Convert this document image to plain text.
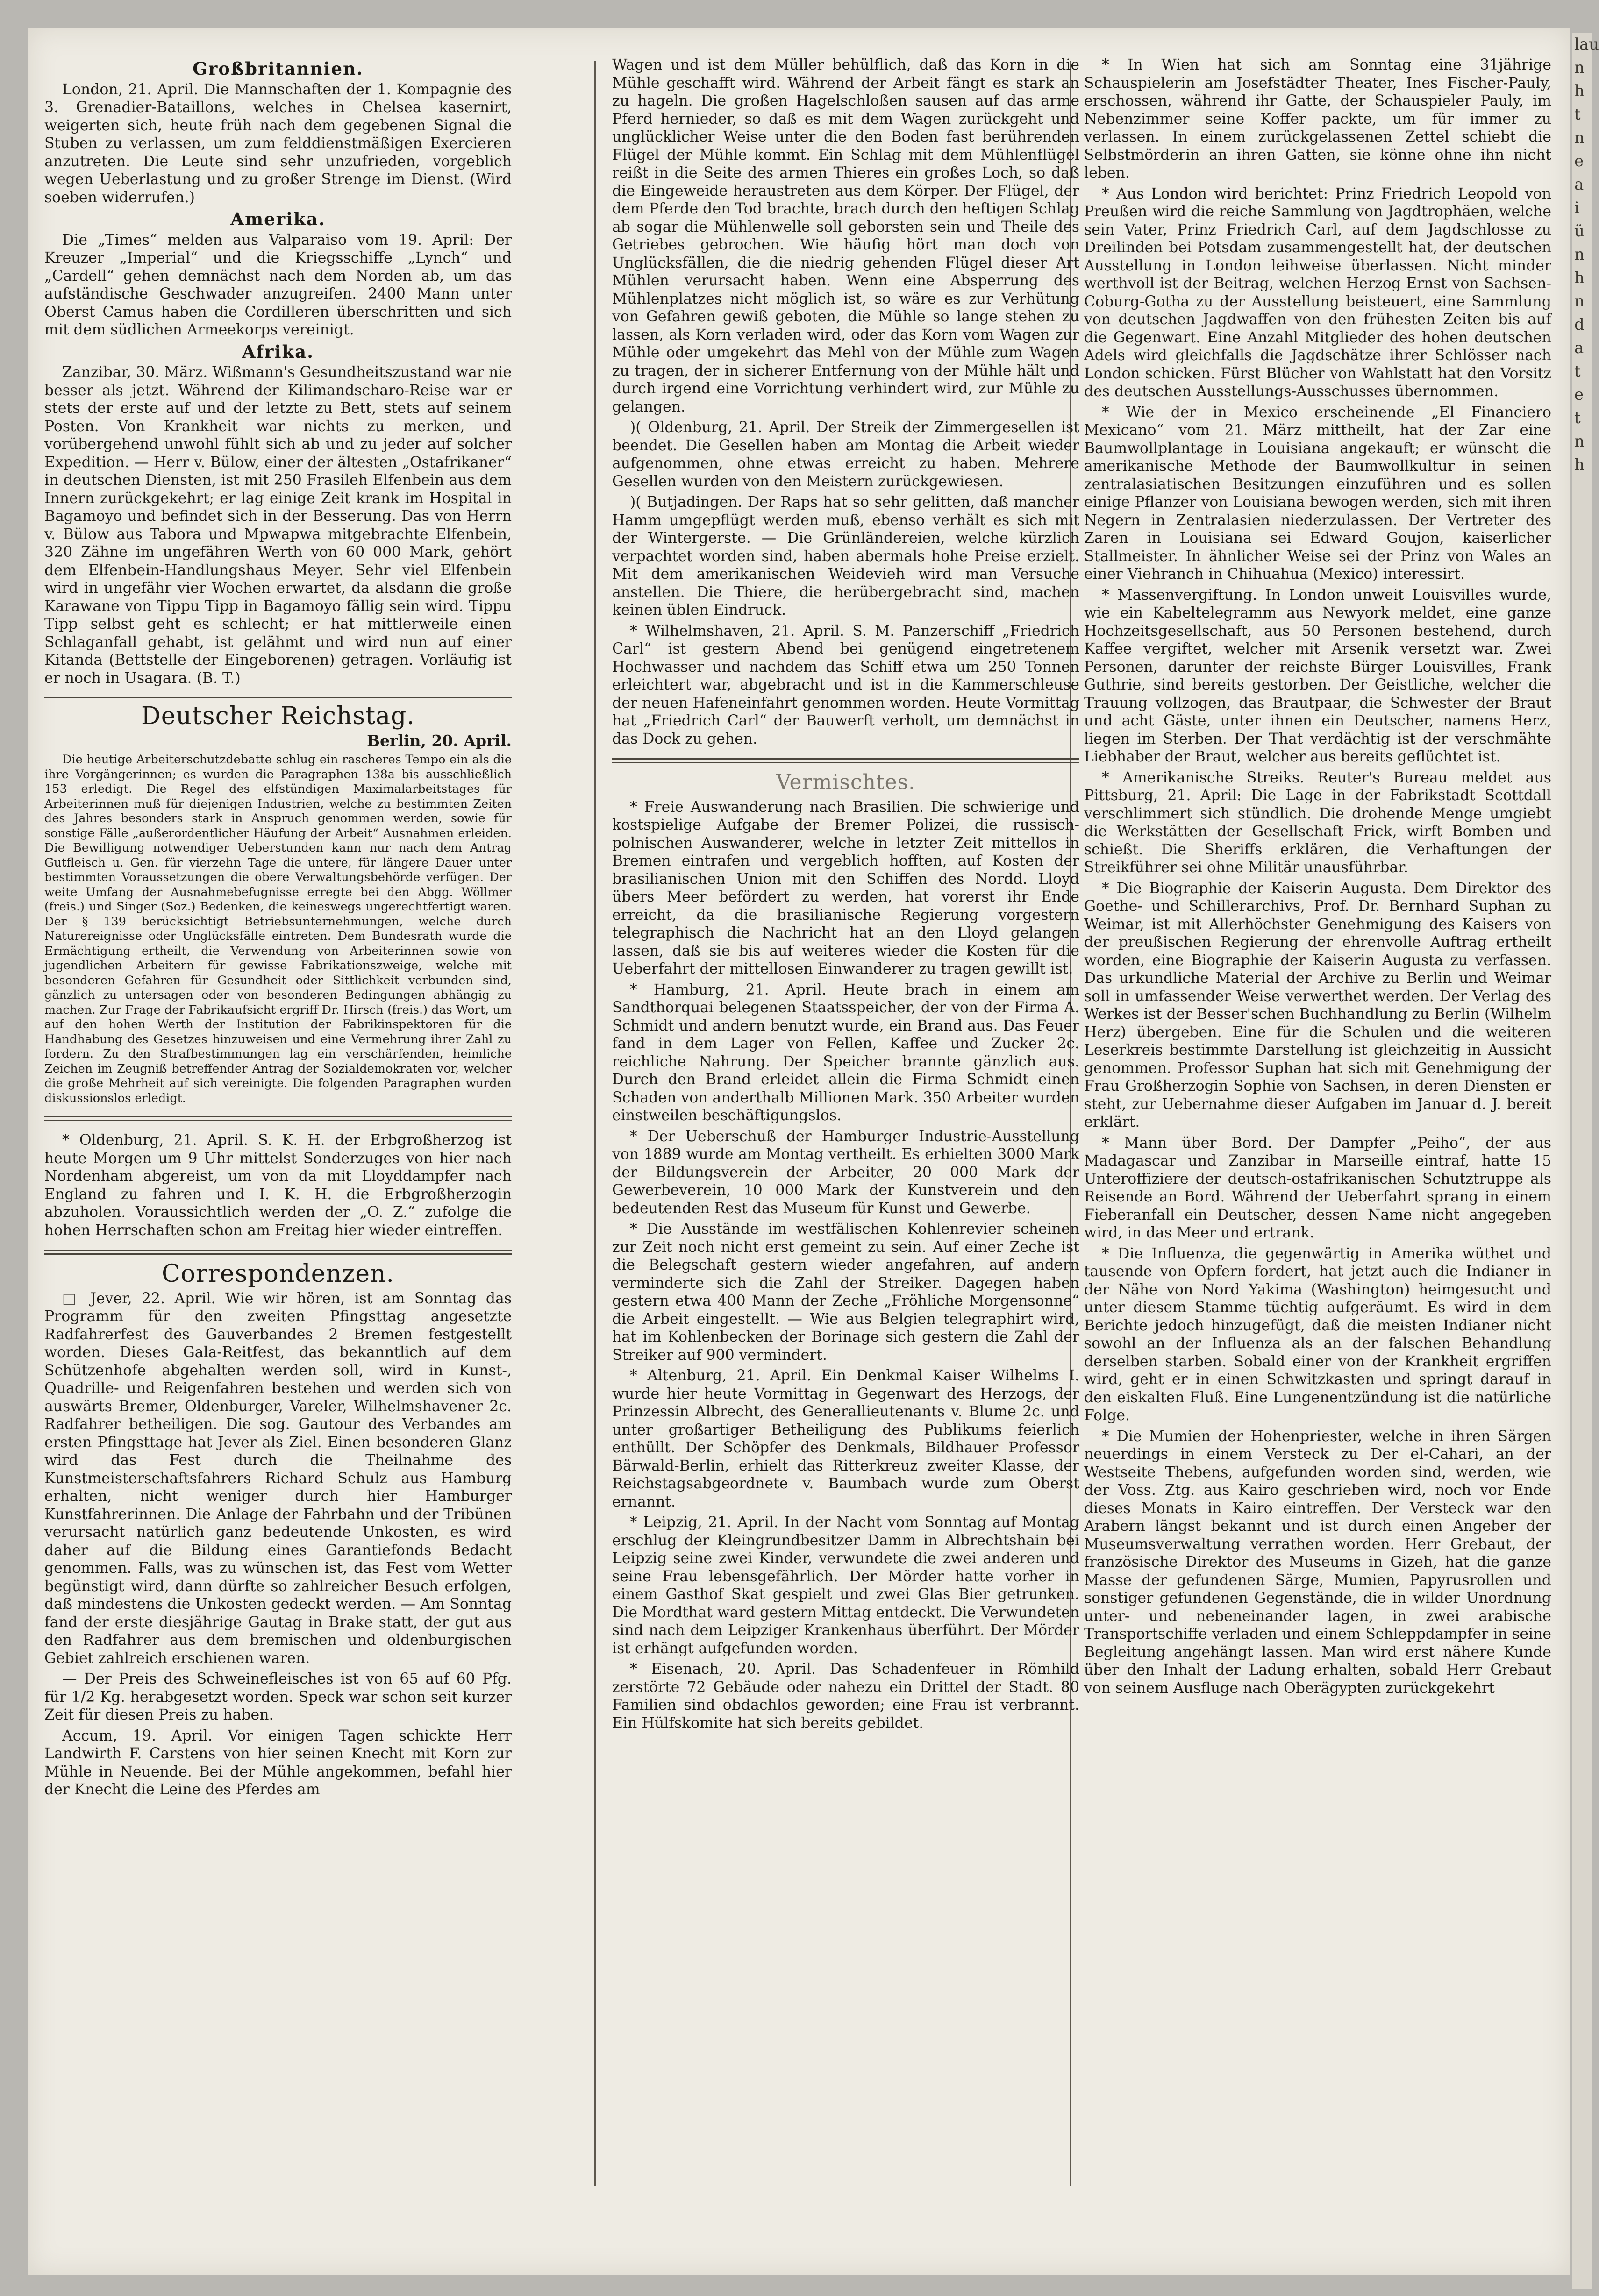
Großbritannien.

London, 21. April. Die Mannschaften der 1. Kompagnie des 3. Grenadier-Bataillons, welches in Chelsea kasernirt, weigerten sich, heute früh nach dem gegebenen Signal die Stuben zu verlassen, um zum felddienstmäßigen Exercieren anzutreten. Die Leute sind sehr unzufrieden, vorgeblich wegen Ueberlastung und zu großer Strenge im Dienst. (Wird soeben widerrufen.)

Amerika.

Die „Times“ melden aus Valparaiso vom 19. April: Der Kreuzer „Imperial“ und die Kriegsschiffe „Lynch“ und „Cardell“ gehen demnächst nach dem Norden ab, um das aufständische Geschwader anzugreifen. 2400 Mann unter Oberst Camus haben die Cordilleren überschritten und sich mit dem südlichen Armeekorps vereinigt.

Afrika.

Zanzibar, 30. März. Wißmann's Gesundheitszustand war nie besser als jetzt. Während der Kilimandscharo-Reise war er stets der erste auf und der letzte zu Bett, stets auf seinem Posten. Von Krankheit war nichts zu merken, und vorübergehend unwohl fühlt sich ab und zu jeder auf solcher Expedition. — Herr v. Bülow, einer der ältesten „Ostafrikaner“ in deutschen Diensten, ist mit 250 Frasileh Elfenbein aus dem Innern zurückgekehrt; er lag einige Zeit krank im Hospital in Bagamoyo und befindet sich in der Besserung. Das von Herrn v. Bülow aus Tabora und Mpwapwa mitgebrachte Elfenbein, 320 Zähne im ungefähren Werth von 60 000 Mark, gehört dem Elfenbein-Handlungshaus Meyer. Sehr viel Elfenbein wird in ungefähr vier Wochen erwartet, da alsdann die große Karawane von Tippu Tipp in Bagamoyo fällig sein wird. Tippu Tipp selbst geht es schlecht; er hat mittlerweile einen Schlaganfall gehabt, ist gelähmt und wird nun auf einer Kitanda (Bettstelle der Eingeborenen) getragen. Vorläufig ist er noch in Usagara. (B. T.)

Deutscher Reichstag.
Berlin, 20. April.

Die heutige Arbeiterschutzdebatte schlug ein rascheres Tempo ein als die ihre Vorgängerinnen; es wurden die Paragraphen 138a bis ausschließlich 153 erledigt. Die Regel des elfstündigen Maximalarbeitstages für Arbeiterinnen muß für diejenigen Industrien, welche zu bestimmten Zeiten des Jahres besonders stark in Anspruch genommen werden, sowie für sonstige Fälle „außerordentlicher Häufung der Arbeit“ Ausnahmen erleiden. Die Bewilligung notwendiger Ueberstunden kann nur nach dem Antrag Gutfleisch u. Gen. für vierzehn Tage die untere, für längere Dauer unter bestimmten Voraussetzungen die obere Verwaltungsbehörde verfügen. Der weite Umfang der Ausnahmebefugnisse erregte bei den Abgg. Wöllmer (freis.) und Singer (Soz.) Bedenken, die keineswegs ungerechtfertigt waren. Der § 139 berücksichtigt Betriebsunternehmungen, welche durch Naturereignisse oder Unglücksfälle eintreten. Dem Bundesrath wurde die Ermächtigung ertheilt, die Verwendung von Arbeiterinnen sowie von jugendlichen Arbeitern für gewisse Fabrikationszweige, welche mit besonderen Gefahren für Gesundheit oder Sittlichkeit verbunden sind, gänzlich zu untersagen oder von besonderen Bedingungen abhängig zu machen. Zur Frage der Fabrikaufsicht ergriff Dr. Hirsch (freis.) das Wort, um auf den hohen Werth der Institution der Fabrikinspektoren für die Handhabung des Gesetzes hinzuweisen und eine Vermehrung ihrer Zahl zu fordern. Zu den Strafbestimmungen lag ein verschärfenden, heimliche Zeichen im Zeugniß betreffender Antrag der Sozialdemokraten vor, welcher die große Mehrheit auf sich vereinigte. Die folgenden Paragraphen wurden diskussionslos erledigt.

* Oldenburg, 21. April. S. K. H. der Erbgroßherzog ist heute Morgen um 9 Uhr mittelst Sonderzuges von hier nach Nordenham abgereist, um von da mit Lloyddampfer nach England zu fahren und I. K. H. die Erbgroßherzogin abzuholen. Voraussichtlich werden der „O. Z.“ zufolge die hohen Herrschaften schon am Freitag hier wieder eintreffen.

Correspondenzen.

□ Jever, 22. April. Wie wir hören, ist am Sonntag das Programm für den zweiten Pfingsttag angesetzte Radfahrerfest des Gauverbandes 2 Bremen festgestellt worden. Dieses Gala-Reitfest, das bekanntlich auf dem Schützenhofe abgehalten werden soll, wird in Kunst-, Quadrille- und Reigenfahren bestehen und werden sich von auswärts Bremer, Oldenburger, Vareler, Wilhelmshavener 2c. Radfahrer betheiligen. Die sog. Gautour des Verbandes am ersten Pfingsttage hat Jever als Ziel. Einen besonderen Glanz wird das Fest durch die Theilnahme des Kunstmeisterschaftsfahrers Richard Schulz aus Hamburg erhalten, nicht weniger durch hier Hamburger Kunstfahrerinnen. Die Anlage der Fahrbahn und der Tribünen verursacht natürlich ganz bedeutende Unkosten, es wird daher auf die Bildung eines Garantiefonds Bedacht genommen. Falls, was zu wünschen ist, das Fest vom Wetter begünstigt wird, dann dürfte so zahlreicher Besuch erfolgen, daß mindestens die Unkosten gedeckt werden. — Am Sonntag fand der erste diesjährige Gautag in Brake statt, der gut aus den Radfahrer aus dem bremischen und oldenburgischen Gebiet zahlreich erschienen waren.

— Der Preis des Schweinefleisches ist von 65 auf 60 Pfg. für 1/2 Kg. herabgesetzt worden. Speck war schon seit kurzer Zeit für diesen Preis zu haben.

Accum, 19. April. Vor einigen Tagen schickte Herr Landwirth F. Carstens von hier seinen Knecht mit Korn zur Mühle in Neuende. Bei der Mühle angekommen, befahl hier der Knecht die Leine des Pferdes am

Wagen und ist dem Müller behülflich, daß das Korn in die Mühle geschafft wird. Während der Arbeit fängt es stark an zu hageln. Die großen Hagelschloßen sausen auf das arme Pferd hernieder, so daß es mit dem Wagen zurückgeht und unglücklicher Weise unter die den Boden fast berührenden Flügel der Mühle kommt. Ein Schlag mit dem Mühlenflügel reißt in die Seite des armen Thieres ein großes Loch, so daß die Eingeweide heraustreten aus dem Körper. Der Flügel, der dem Pferde den Tod brachte, brach durch den heftigen Schlag ab sogar die Mühlenwelle soll geborsten sein und Theile des Getriebes gebrochen. Wie häufig hört man doch von Unglücksfällen, die die niedrig gehenden Flügel dieser Art Mühlen verursacht haben. Wenn eine Absperrung des Mühlenplatzes nicht möglich ist, so wäre es zur Verhütung von Gefahren gewiß geboten, die Mühle so lange stehen zu lassen, als Korn verladen wird, oder das Korn vom Wagen zur Mühle oder umgekehrt das Mehl von der Mühle zum Wagen zu tragen, der in sicherer Entfernung von der Mühle hält und durch irgend eine Vorrichtung verhindert wird, zur Mühle zu gelangen.

)( Oldenburg, 21. April. Der Streik der Zimmergesellen ist beendet. Die Gesellen haben am Montag die Arbeit wieder aufgenommen, ohne etwas erreicht zu haben. Mehrere Gesellen wurden von den Meistern zurückgewiesen.

)( Butjadingen. Der Raps hat so sehr gelitten, daß mancher Hamm umgepflügt werden muß, ebenso verhält es sich mit der Wintergerste. — Die Grünländereien, welche kürzlich verpachtet worden sind, haben abermals hohe Preise erzielt. Mit dem amerikanischen Weidevieh wird man Versuche anstellen. Die Thiere, die herübergebracht sind, machen keinen üblen Eindruck.

* Wilhelmshaven, 21. April. S. M. Panzerschiff „Friedrich Carl“ ist gestern Abend bei genügend eingetretenem Hochwasser und nachdem das Schiff etwa um 250 Tonnen erleichtert war, abgebracht und ist in die Kammerschleuse der neuen Hafeneinfahrt genommen worden. Heute Vormittag hat „Friedrich Carl“ der Bauwerft verholt, um demnächst in das Dock zu gehen.

Vermischtes.

* Freie Auswanderung nach Brasilien. Die schwierige und kostspielige Aufgabe der Bremer Polizei, die russisch-polnischen Auswanderer, welche in letzter Zeit mittellos in Bremen eintrafen und vergeblich hofften, auf Kosten der brasilianischen Union mit den Schiffen des Nordd. Lloyd übers Meer befördert zu werden, hat vorerst ihr Ende erreicht, da die brasilianische Regierung vorgestern telegraphisch die Nachricht hat an den Lloyd gelangen lassen, daß sie bis auf weiteres wieder die Kosten für die Ueberfahrt der mittellosen Einwanderer zu tragen gewillt ist.

* Hamburg, 21. April. Heute brach in einem am Sandthorquai belegenen Staatsspeicher, der von der Firma A. Schmidt und andern benutzt wurde, ein Brand aus. Das Feuer fand in dem Lager von Fellen, Kaffee und Zucker 2c. reichliche Nahrung. Der Speicher brannte gänzlich aus. Durch den Brand erleidet allein die Firma Schmidt einen Schaden von anderthalb Millionen Mark. 350 Arbeiter wurden einstweilen beschäftigungslos.

* Der Ueberschuß der Hamburger Industrie-Ausstellung von 1889 wurde am Montag vertheilt. Es erhielten 3000 Mark der Bildungsverein der Arbeiter, 20 000 Mark der Gewerbeverein, 10 000 Mark der Kunstverein und den bedeutenden Rest das Museum für Kunst und Gewerbe.

* Die Ausstände im westfälischen Kohlenrevier scheinen zur Zeit noch nicht erst gemeint zu sein. Auf einer Zeche ist die Belegschaft gestern wieder angefahren, auf andern verminderte sich die Zahl der Streiker. Dagegen haben gestern etwa 400 Mann der Zeche „Fröhliche Morgensonne“ die Arbeit eingestellt. — Wie aus Belgien telegraphirt wird, hat im Kohlenbecken der Borinage sich gestern die Zahl der Streiker auf 900 vermindert.

* Altenburg, 21. April. Ein Denkmal Kaiser Wilhelms I. wurde hier heute Vormittag in Gegenwart des Herzogs, der Prinzessin Albrecht, des Generallieutenants v. Blume 2c. und unter großartiger Betheiligung des Publikums feierlich enthüllt. Der Schöpfer des Denkmals, Bildhauer Professor Bärwald-Berlin, erhielt das Ritterkreuz zweiter Klasse, der Reichstagsabgeordnete v. Baumbach wurde zum Oberst ernannt.

* Leipzig, 21. April. In der Nacht vom Sonntag auf Montag erschlug der Kleingrundbesitzer Damm in Albrechtshain bei Leipzig seine zwei Kinder, verwundete die zwei anderen und seine Frau lebensgefährlich. Der Mörder hatte vorher in einem Gasthof Skat gespielt und zwei Glas Bier getrunken. Die Mordthat ward gestern Mittag entdeckt. Die Verwundeten sind nach dem Leipziger Krankenhaus überführt. Der Mörder ist erhängt aufgefunden worden.

* Eisenach, 20. April. Das Schadenfeuer in Römhild zerstörte 72 Gebäude oder nahezu ein Drittel der Stadt. 80 Familien sind obdachlos geworden; eine Frau ist verbrannt. Ein Hülfskomite hat sich bereits gebildet.

* In Wien hat sich am Sonntag eine 31jährige Schauspielerin am Josefstädter Theater, Ines Fischer-Pauly, erschossen, während ihr Gatte, der Schauspieler Pauly, im Nebenzimmer seine Koffer packte, um für immer zu verlassen. In einem zurückgelassenen Zettel schiebt die Selbstmörderin an ihren Gatten, sie könne ohne ihn nicht leben.

* Aus London wird berichtet: Prinz Friedrich Leopold von Preußen wird die reiche Sammlung von Jagdtrophäen, welche sein Vater, Prinz Friedrich Carl, auf dem Jagdschlosse zu Dreilinden bei Potsdam zusammengestellt hat, der deutschen Ausstellung in London leihweise überlassen. Nicht minder werthvoll ist der Beitrag, welchen Herzog Ernst von Sachsen-Coburg-Gotha zu der Ausstellung beisteuert, eine Sammlung von deutschen Jagdwaffen von den frühesten Zeiten bis auf die Gegenwart. Eine Anzahl Mitglieder des hohen deutschen Adels wird gleichfalls die Jagdschätze ihrer Schlösser nach London schicken. Fürst Blücher von Wahlstatt hat den Vorsitz des deutschen Ausstellungs-Ausschusses übernommen.

* Wie der in Mexico erscheinende „El Financiero Mexicano“ vom 21. März mittheilt, hat der Zar eine Baumwollplantage in Louisiana angekauft; er wünscht die amerikanische Methode der Baumwollkultur in seinen zentralasiatischen Besitzungen einzuführen und es sollen einige Pflanzer von Louisiana bewogen werden, sich mit ihren Negern in Zentralasien niederzulassen. Der Vertreter des Zaren in Louisiana sei Edward Goujon, kaiserlicher Stallmeister. In ähnlicher Weise sei der Prinz von Wales an einer Viehranch in Chihuahua (Mexico) interessirt.

* Massenvergiftung. In London unweit Louisvilles wurde, wie ein Kabeltelegramm aus Newyork meldet, eine ganze Hochzeitsgesellschaft, aus 50 Personen bestehend, durch Kaffee vergiftet, welcher mit Arsenik versetzt war. Zwei Personen, darunter der reichste Bürger Louisvilles, Frank Guthrie, sind bereits gestorben. Der Geistliche, welcher die Trauung vollzogen, das Brautpaar, die Schwester der Braut und acht Gäste, unter ihnen ein Deutscher, namens Herz, liegen im Sterben. Der That verdächtig ist der verschmähte Liebhaber der Braut, welcher aus bereits geflüchtet ist.

* Amerikanische Streiks. Reuter's Bureau meldet aus Pittsburg, 21. April: Die Lage in der Fabrikstadt Scottdall verschlimmert sich stündlich. Die drohende Menge umgiebt die Werkstätten der Gesellschaft Frick, wirft Bomben und schießt. Die Sheriffs erklären, die Verhaftungen der Streikführer sei ohne Militär unausführbar.

* Die Biographie der Kaiserin Augusta. Dem Direktor des Goethe- und Schillerarchivs, Prof. Dr. Bernhard Suphan zu Weimar, ist mit Allerhöchster Genehmigung des Kaisers von der preußischen Regierung der ehrenvolle Auftrag ertheilt worden, eine Biographie der Kaiserin Augusta zu verfassen. Das urkundliche Material der Archive zu Berlin und Weimar soll in umfassender Weise verwerthet werden. Der Verlag des Werkes ist der Besser'schen Buchhandlung zu Berlin (Wilhelm Herz) übergeben. Eine für die Schulen und die weiteren Leserkreis bestimmte Darstellung ist gleichzeitig in Aussicht genommen. Professor Suphan hat sich mit Genehmigung der Frau Großherzogin Sophie von Sachsen, in deren Diensten er steht, zur Uebernahme dieser Aufgaben im Januar d. J. bereit erklärt.

* Mann über Bord. Der Dampfer „Peiho“, der aus Madagascar und Zanzibar in Marseille eintraf, hatte 15 Unteroffiziere der deutsch-ostafrikanischen Schutztruppe als Reisende an Bord. Während der Ueberfahrt sprang in einem Fieberanfall ein Deutscher, dessen Name nicht angegeben wird, in das Meer und ertrank.

* Die Influenza, die gegenwärtig in Amerika wüthet und tausende von Opfern fordert, hat jetzt auch die Indianer in der Nähe von Nord Yakima (Washington) heimgesucht und unter diesem Stamme tüchtig aufgeräumt. Es wird in dem Berichte jedoch hinzugefügt, daß die meisten Indianer nicht sowohl an der Influenza als an der falschen Behandlung derselben starben. Sobald einer von der Krankheit ergriffen wird, geht er in einen Schwitzkasten und springt darauf in den eiskalten Fluß. Eine Lungenentzündung ist die natürliche Folge.

* Die Mumien der Hohenpriester, welche in ihren Särgen neuerdings in einem Versteck zu Der el-Cahari, an der Westseite Thebens, aufgefunden worden sind, werden, wie der Voss. Ztg. aus Kairo geschrieben wird, noch vor Ende dieses Monats in Kairo eintreffen. Der Versteck war den Arabern längst bekannt und ist durch einen Angeber der Museumsverwaltung verrathen worden. Herr Grebaut, der französische Direktor des Museums in Gizeh, hat die ganze Masse der gefundenen Särge, Mumien, Papyrusrollen und sonstiger gefundenen Gegenstände, die in wilder Unordnung unter- und nebeneinander lagen, in zwei arabische Transportschiffe verladen und einem Schleppdampfer in seine Begleitung angehängt lassen. Man wird erst nähere Kunde über den Inhalt der Ladung erhalten, sobald Herr Grebaut von seinem Ausfluge nach Oberägypten zurückgekehrt

lau
n
h
t
n
e
a
i
ü
n
h
n
d
a
t
e
t
n
h
